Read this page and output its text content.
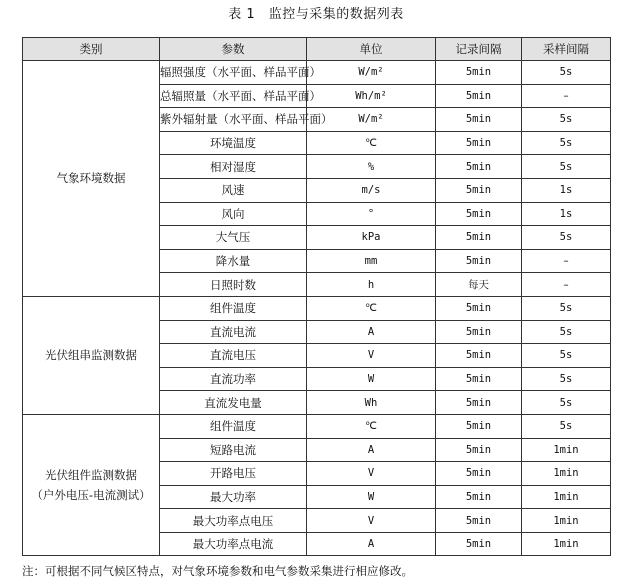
表 1　监控与采集的数据列表
类别	参数	单位	记录间隔	采样间隔

气象环境数据	辐照强度（水平面、样品平面）	W/m²	5min	5s
	总辐照量（水平面、样品平面）	Wh/m²	5min	–
	紫外辐射量（水平面、样品平面）	W/m²	5min	5s
	环境温度	℃	5min	5s
	相对湿度	%	5min	5s
	风速	m/s	5min	1s
	风向	°	5min	1s
	大气压	kPa	5min	5s
	降水量	mm	5min	–
	日照时数	h	每天	–

光伏组串监测数据	组件温度	℃	5min	5s
	直流电流	A	5min	5s
	直流电压	V	5min	5s
	直流功率	W	5min	5s
	直流发电量	Wh	5min	5s

光伏组件监测数据
（户外电压-电流测试）	组件温度	℃	5min	5s
	短路电流	A	5min	1min
	开路电压	V	5min	1min
	最大功率	W	5min	1min
	最大功率点电压	V	5min	1min
	最大功率点电流	A	5min	1min
注：可根据不同气候区特点，对气象环境参数和电气参数采集进行相应修改。
